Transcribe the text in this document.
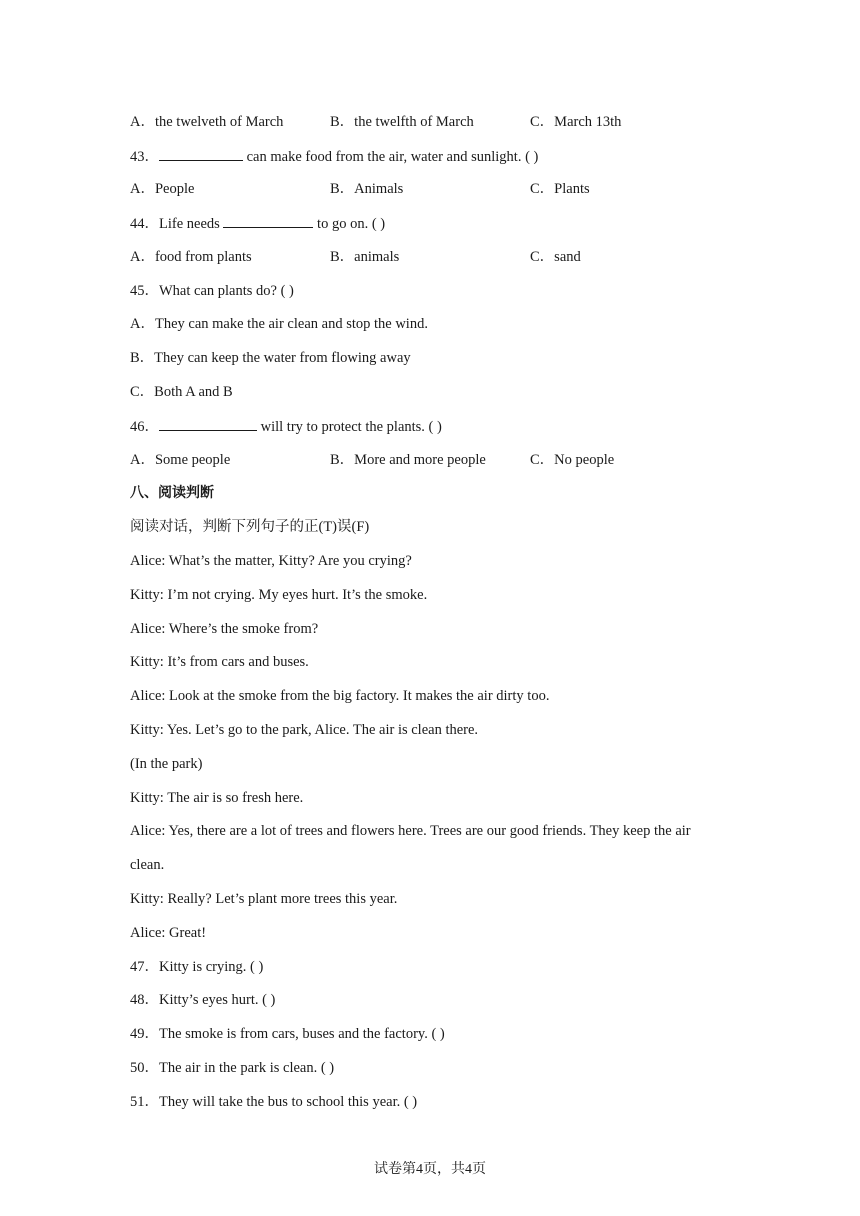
A．the twelveth of March	B．the twelfth of March	C．March 13th
43．	can make food from the air, water and sunlight. ( )
A．People	B．Animals	C．Plants
44．Life needs	to go on. ( )
A．food from plants	B．animals	C．sand
45．What can plants do? ( )
A．They can make the air clean and stop the wind.
B．They can keep the water from flowing away
C．Both A and B
46．	will try to protect the plants. ( )
A．Some people	B．More and more people	C．No people
八、阅读判断
阅读对话，判断下列句子的正(T)误(F)
Alice: What’s the matter, Kitty? Are you crying?
Kitty: I’m not crying. My eyes hurt. It’s the smoke.
Alice: Where’s the smoke from?
Kitty: It’s from cars and buses.
Alice: Look at the smoke from the big factory. It makes the air dirty too.
Kitty: Yes. Let’s go to the park, Alice. The air is clean there.
(In the park)
Kitty: The air is so fresh here.
Alice: Yes, there are a lot of trees and flowers here. Trees are our good friends. They keep the air
clean.
Kitty: Really? Let’s plant more trees this year.
Alice: Great!
47．Kitty is crying. ( )
48．Kitty’s eyes hurt. ( )
49．The smoke is from cars, buses and the factory. ( )
50．The air in the park is clean. ( )
51．They will take the bus to school this year. ( )
试卷第4页，共4页
